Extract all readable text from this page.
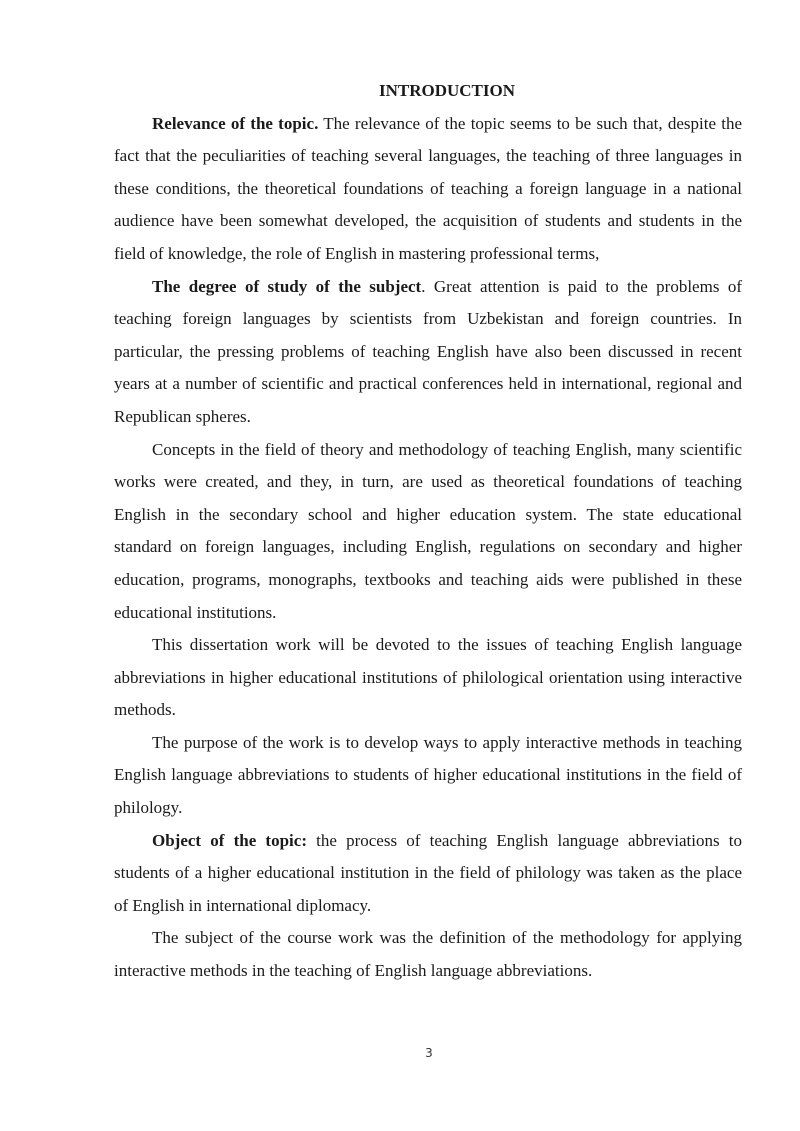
INTRODUCTION

Relevance of the topic. The relevance of the topic seems to be such that, despite the fact that the peculiarities of teaching several languages, the teaching of three languages in these conditions, the theoretical foundations of teaching a foreign language in a national audience have been somewhat developed, the acquisition of students and students in the field of knowledge, the role of English in mastering professional terms,

The degree of study of the subject. Great attention is paid to the problems of teaching foreign languages by scientists from Uzbekistan and foreign countries. In particular, the pressing problems of teaching English have also been discussed in recent years at a number of scientific and practical conferences held in international, regional and Republican spheres.

Concepts in the field of theory and methodology of teaching English, many scientific works were created, and they, in turn, are used as theoretical foundations of teaching English in the secondary school and higher education system. The state educational standard on foreign languages, including English, regulations on secondary and higher education, programs, monographs, textbooks and teaching aids were published in these educational institutions.

This dissertation work will be devoted to the issues of teaching English language abbreviations in higher educational institutions of philological orientation using interactive methods.

The purpose of the work is to develop ways to apply interactive methods in teaching English language abbreviations to students of higher educational institutions in the field of philology.

Object of the topic: the process of teaching English language abbreviations to students of a higher educational institution in the field of philology was taken as the place of English in international diplomacy.

The subject of the course work was the definition of the methodology for applying interactive methods in the teaching of English language abbreviations.

3
